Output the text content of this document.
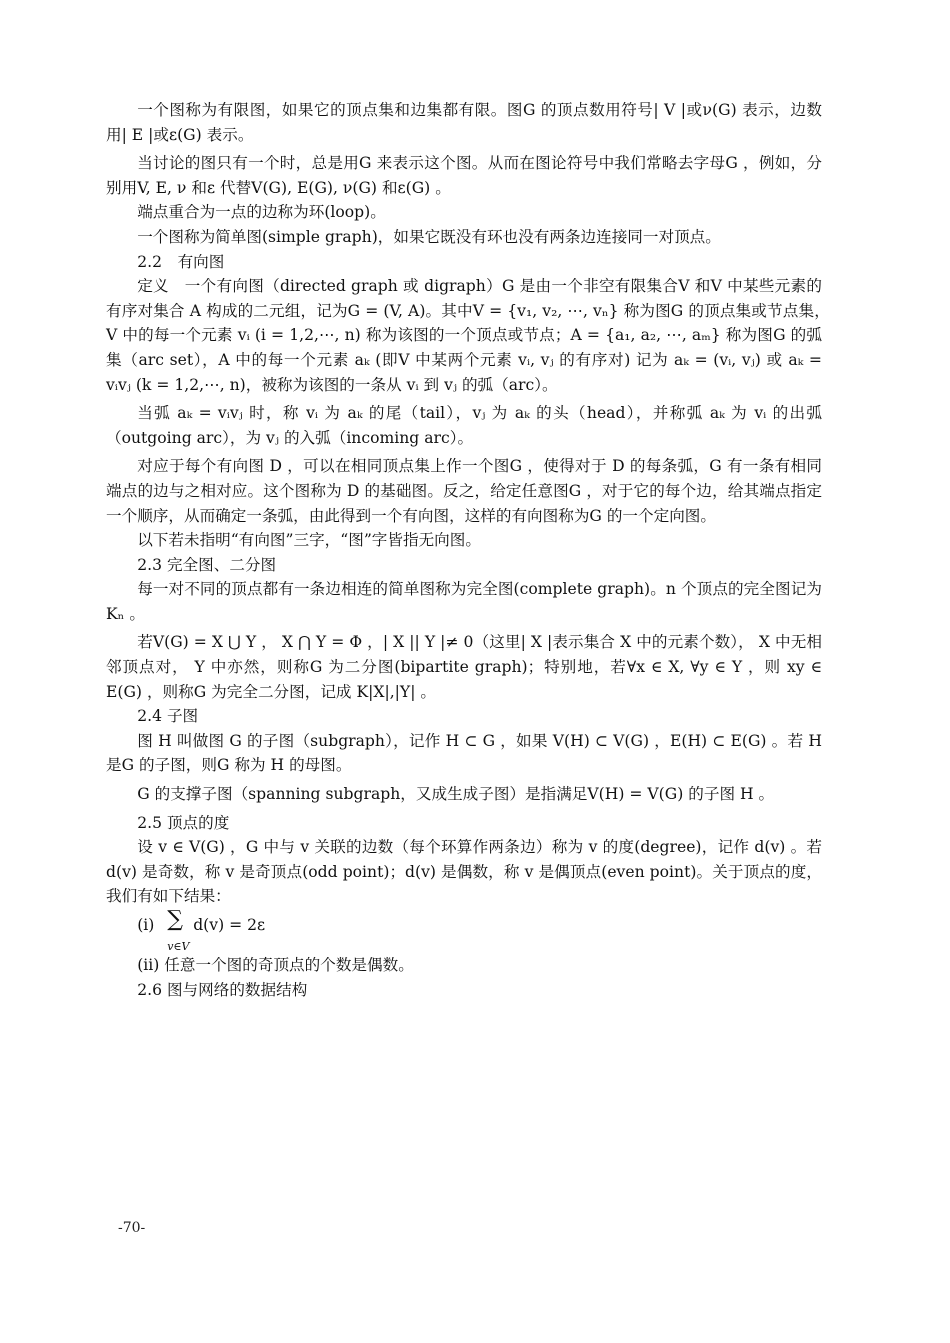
一个图称为有限图，如果它的顶点集和边集都有限。图G 的顶点数用符号| V |或ν(G) 表示，边数用| E |或ε(G) 表示。

当讨论的图只有一个时，总是用G 来表示这个图。从而在图论符号中我们常略去字母G ，例如，分别用V, E, ν 和ε 代替V(G), E(G), ν(G) 和ε(G) 。

端点重合为一点的边称为环(loop)。

一个图称为简单图(simple graph)，如果它既没有环也没有两条边连接同一对顶点。

2.2　有向图

定义　一个有向图（directed graph 或 digraph）G 是由一个非空有限集合V 和V 中某些元素的有序对集合 A 构成的二元组，记为G = (V, A)。其中V = {v₁, v₂, ⋯, vₙ} 称为图G 的顶点集或节点集，　V 中的每一个元素 vᵢ (i = 1,2,⋯, n) 称为该图的一个顶点或节点；A = {a₁, a₂, ⋯, aₘ} 称为图G 的弧集（arc set），A 中的每一个元素 aₖ (即V 中某两个元素 vᵢ, vⱼ 的有序对) 记为 aₖ = (vᵢ, vⱼ) 或 aₖ = vᵢvⱼ (k = 1,2,⋯, n)，被称为该图的一条从 vᵢ 到 vⱼ 的弧（arc）。

当弧 aₖ = vᵢvⱼ 时，称 vᵢ 为 aₖ 的尾（tail），vⱼ 为 aₖ 的头（head），并称弧 aₖ 为 vᵢ 的出弧（outgoing arc），为 vⱼ 的入弧（incoming arc）。

对应于每个有向图 D ，可以在相同顶点集上作一个图G ，使得对于 D 的每条弧，G 有一条有相同端点的边与之相对应。这个图称为 D 的基础图。反之，给定任意图G ，对于它的每个边，给其端点指定一个顺序，从而确定一条弧，由此得到一个有向图，这样的有向图称为G 的一个定向图。

以下若未指明“有向图”三字，“图”字皆指无向图。

2.3 完全图、二分图

每一对不同的顶点都有一条边相连的简单图称为完全图(complete graph)。n 个顶点的完全图记为 Kₙ 。

若V(G) = X ⋃ Y ， X ⋂ Y = Φ ，| X || Y |≠ 0（这里| X |表示集合 X 中的元素个数）， X 中无相邻顶点对， Y 中亦然，则称G 为二分图(bipartite graph)；特别地，若∀x ∈ X, ∀y ∈ Y ，则 xy ∈ E(G) ，则称G 为完全二分图，记成 K|X|,|Y| 。

2.4 子图

图 H 叫做图 G 的子图（subgraph），记作 H ⊂ G ，如果 V(H) ⊂ V(G) ，E(H) ⊂ E(G) 。若 H 是G 的子图，则G 称为 H 的母图。

G 的支撑子图（spanning subgraph，又成生成子图）是指满足V(H) = V(G) 的子图 H 。

2.5 顶点的度

设 v ∈ V(G) ，G 中与 v 关联的边数（每个环算作两条边）称为 v 的度(degree)，记作 d(v) 。若 d(v) 是奇数，称 v 是奇顶点(odd point)；d(v) 是偶数，称 v 是偶顶点(even point)。关于顶点的度，我们有如下结果：

(i) ∑
v∈V
d(v) = 2ε

(ii) 任意一个图的奇顶点的个数是偶数。

2.6 图与网络的数据结构

-70-
